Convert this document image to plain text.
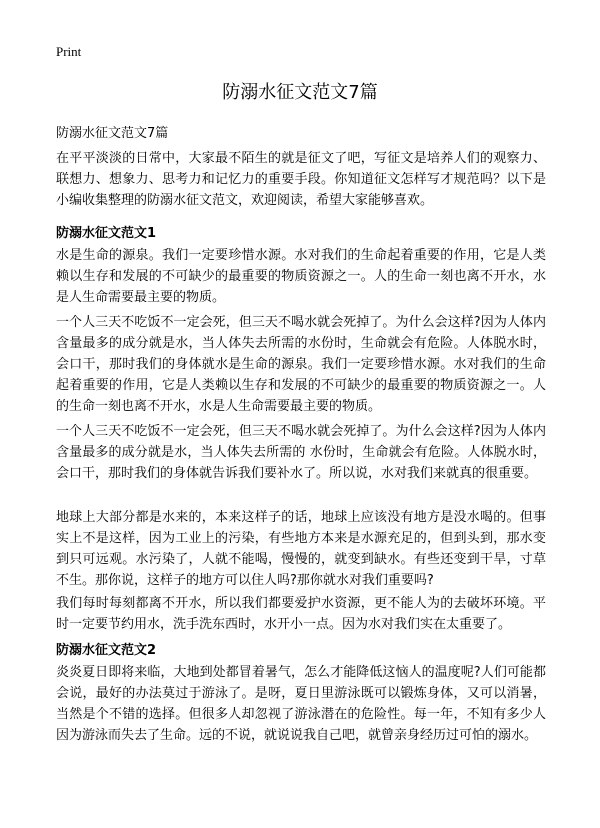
Print
防溺水征文范文7篇
防溺水征文范文7篇
在平平淡淡的日常中，大家最不陌生的就是征文了吧，写征文是培养人们的观察力、联想力、想象力、思考力和记忆力的重要手段。你知道征文怎样写才规范吗？以下是小编收集整理的防溺水征文范文，欢迎阅读，希望大家能够喜欢。
防溺水征文范文1
水是生命的源泉。我们一定要珍惜水源。水对我们的生命起着重要的作用，它是人类赖以生存和发展的不可缺少的最重要的物质资源之一。人的生命一刻也离不开水，水是人生命需要最主要的物质。
一个人三天不吃饭不一定会死，但三天不喝水就会死掉了。为什么会这样?因为人体内含量最多的成分就是水，当人体失去所需的水份时，生命就会有危险。人体脱水时，会口干，那时我们的身体就水是生命的源泉。我们一定要珍惜水源。水对我们的生命起着重要的作用，它是人类赖以生存和发展的不可缺少的最重要的物质资源之一。人的生命一刻也离不开水，水是人生命需要最主要的物质。
一个人三天不吃饭不一定会死，但三天不喝水就会死掉了。为什么会这样?因为人体内含量最多的成分就是水，当人体失去所需的 水份时，生命就会有危险。人体脱水时，会口干，那时我们的身体就告诉我们要补水了。所以说，水对我们来就真的很重要。
地球上大部分都是水来的，本来这样子的话，地球上应该没有地方是没水喝的。但事实上不是这样，因为工业上的污染，有些地方本来是水源充足的，但到头到，那水变到只可远观。水污染了，人就不能喝，慢慢的，就变到缺水。有些还变到干旱，寸草不生。那你说，这样子的地方可以住人吗?那你就水对我们重要吗?
我们每时每刻都离不开水，所以我们都要爱护水资源，更不能人为的去破坏环境。平时一定要节约用水，洗手洗东西时，水开小一点。因为水对我们实在太重要了。
防溺水征文范文2
炎炎夏日即将来临，大地到处都冒着暑气，怎么才能降低这恼人的温度呢?人们可能都会说，最好的办法莫过于游泳了。是呀，夏日里游泳既可以锻炼身体，又可以消暑，当然是个不错的选择。但很多人却忽视了游泳潜在的危险性。每一年，不知有多少人因为游泳而失去了生命。远的不说，就说说我自己吧，就曾亲身经历过可怕的溺水。
